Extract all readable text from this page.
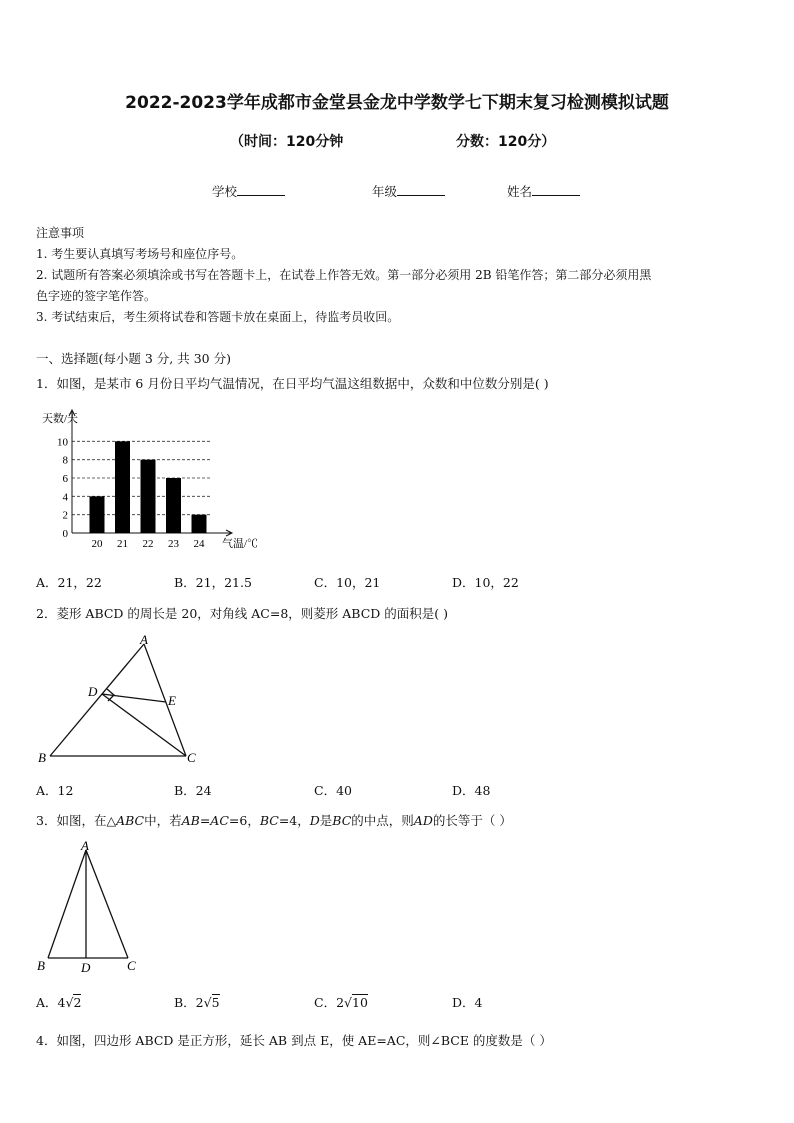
2022-2023学年成都市金堂县金龙中学数学七下期末复习检测模拟试题
（时间：120分钟	分数：120分）
学校	年级	姓名
注意事项
1. 考生要认真填写考场号和座位序号。
2. 试题所有答案必须填涂或书写在答题卡上，在试卷上作答无效。第一部分必须用 2B 铅笔作答；第二部分必须用黑
色字迹的签字笔作答。
3. 考试结束后，考生须将试卷和答题卡放在桌面上，待监考员收回。
一、选择题(每小题 3 分, 共 30 分)
1．如图，是某市 6 月份日平均气温情况，在日平均气温这组数据中，众数和中位数分别是( )
0
2
4
6
8
10
天数/天
气温/℃
20 21 22 23 24
A．21，22	B．21，21.5	C．10，21	D．10，22
2．菱形 ABCD 的周长是 20，对角线 AC=8，则菱形 ABCD 的面积是( )
A
D
E
B	C
A．12	B．24	C．40	D．48
3．如图，在△ABC中，若AB=AC=6，BC=4，D是BC的中点，则AD的长等于（ ）
A
B	D	C
A．4√2	B．2√5	C．2√10	D．4
4．如图，四边形 ABCD 是正方形，延长 AB 到点 E，使 AE=AC，则∠BCE 的度数是（ ）
